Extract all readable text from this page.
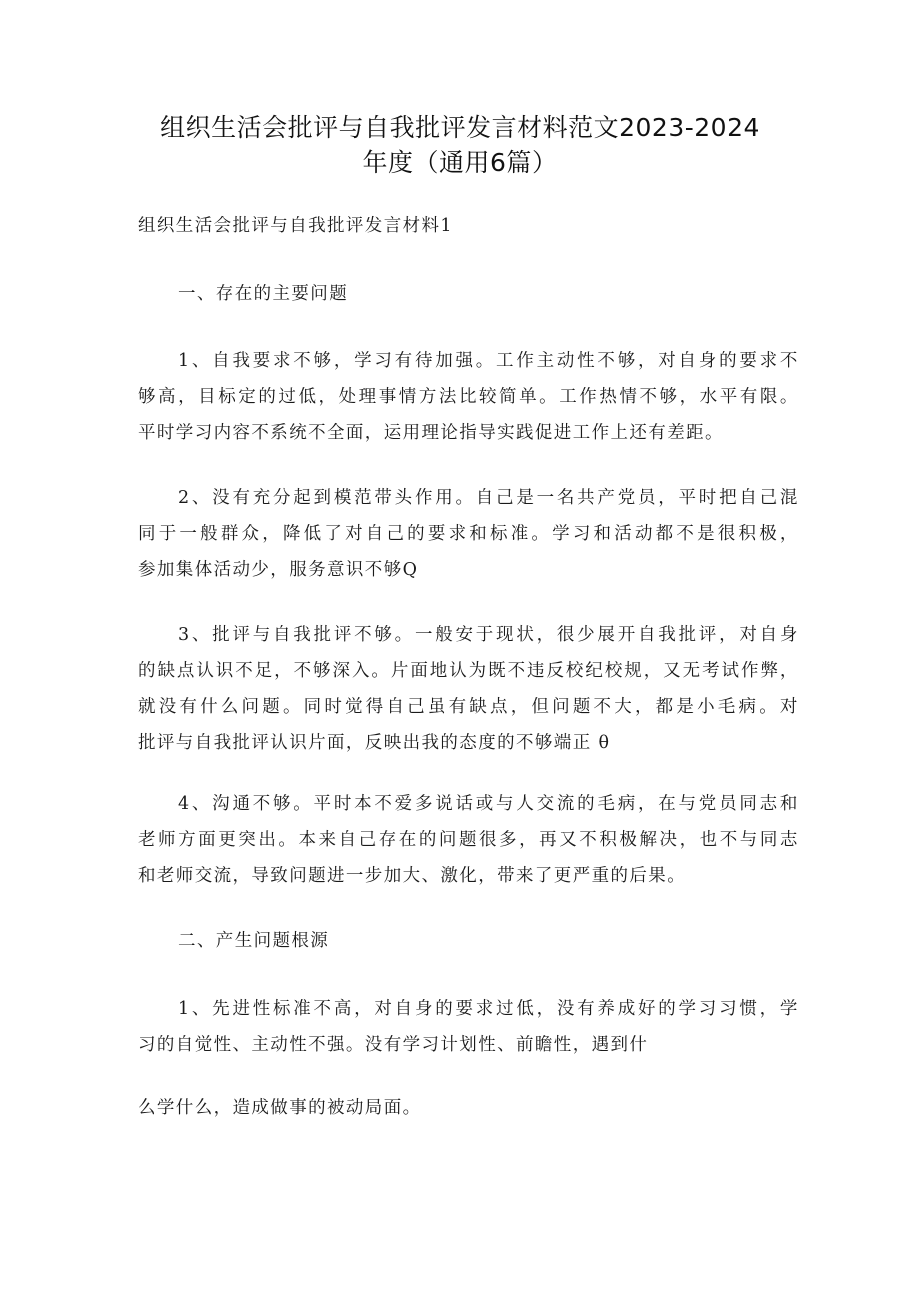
组织生活会批评与自我批评发言材料范文2023-2024
年度（通用6篇）
组织生活会批评与自我批评发言材料1
一、存在的主要问题
1、自我要求不够，学习有待加强。工作主动性不够，对自身的要求不
够高，目标定的过低，处理事情方法比较简单。工作热情不够，水平有限。
平时学习内容不系统不全面，运用理论指导实践促进工作上还有差距。
2、没有充分起到模范带头作用。自己是一名共产党员，平时把自己混
同于一般群众，降低了对自己的要求和标准。学习和活动都不是很积极，
参加集体活动少，服务意识不够Q
3、批评与自我批评不够。一般安于现状，很少展开自我批评，对自身
的缺点认识不足，不够深入。片面地认为既不违反校纪校规，又无考试作弊，
就没有什么问题。同时觉得自己虽有缺点，但问题不大，都是小毛病。对
批评与自我批评认识片面，反映出我的态度的不够端正 θ
4、沟通不够。平时本不爱多说话或与人交流的毛病，在与党员同志和
老师方面更突出。本来自己存在的问题很多，再又不积极解决，也不与同志
和老师交流，导致问题进一步加大、激化，带来了更严重的后果。
二、产生问题根源
1、先进性标准不高，对自身的要求过低，没有养成好的学习习惯，学
习的自觉性、主动性不强。没有学习计划性、前瞻性，遇到什
么学什么，造成做事的被动局面。
